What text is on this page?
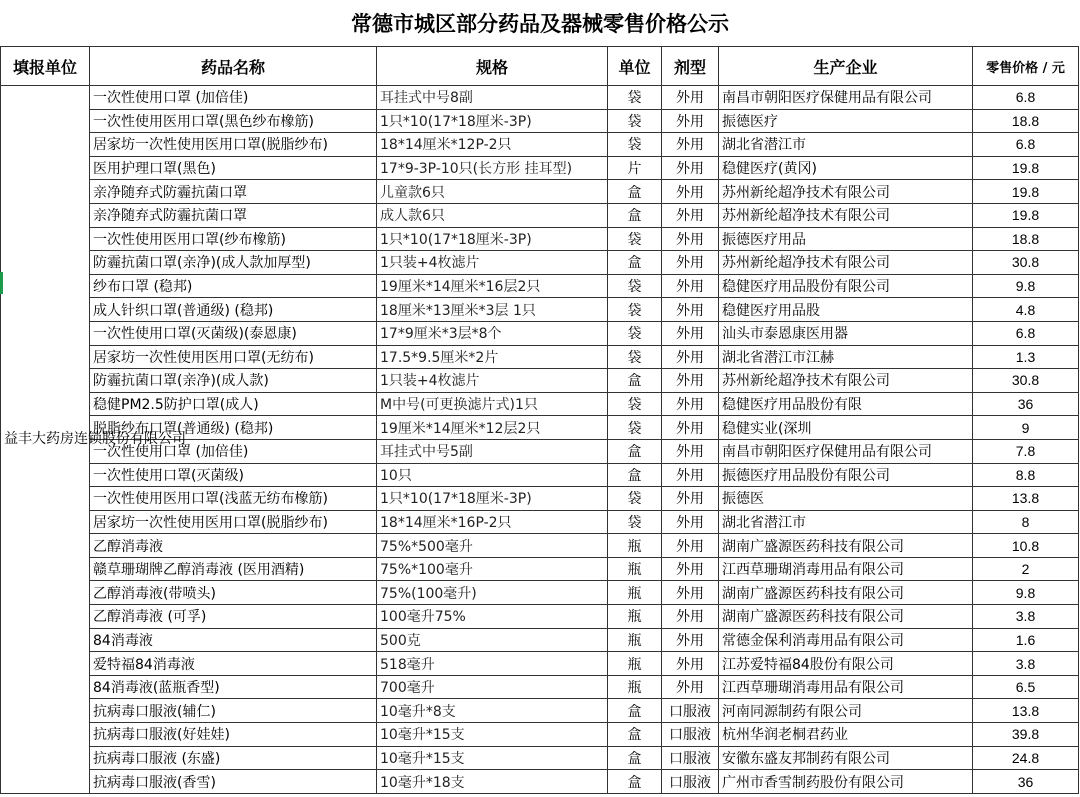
常德市城区部分药品及器械零售价格公示
填报单位	药品名称	规格	单位	剂型	生产企业	零售价格 / 元
益丰大药房连锁股份有限公司	一次性使用口罩 (加倍佳)	耳挂式中号8副	袋	外用	南昌市朝阳医疗保健用品有限公司	6.8
	一次性使用医用口罩(黑色纱布橡筋)	1只*10(17*18厘米-3P)	袋	外用	振德医疗	18.8
	居家坊一次性使用医用口罩(脱脂纱布)	18*14厘米*12P-2只	袋	外用	湖北省潜江市	6.8
	医用护理口罩(黑色)	17*9-3P-10只(长方形 挂耳型)	片	外用	稳健医疗(黄冈)	19.8
	亲净随弃式防霾抗菌口罩	儿童款6只	盒	外用	苏州新纶超净技术有限公司	19.8
	亲净随弃式防霾抗菌口罩	成人款6只	盒	外用	苏州新纶超净技术有限公司	19.8
	一次性使用医用口罩(纱布橡筋)	1只*10(17*18厘米-3P)	袋	外用	振德医疗用品	18.8
	防霾抗菌口罩(亲净)(成人款加厚型)	1只装+4枚滤片	盒	外用	苏州新纶超净技术有限公司	30.8
	纱布口罩 (稳邦)	19厘米*14厘米*16层2只	袋	外用	稳健医疗用品股份有限公司	9.8
	成人针织口罩(普通级) (稳邦)	18厘米*13厘米*3层 1只	袋	外用	稳健医疗用品股	4.8
	一次性使用口罩(灭菌级)(泰恩康)	17*9厘米*3层*8个	袋	外用	汕头市泰恩康医用器	6.8
	居家坊一次性使用医用口罩(无纺布)	17.5*9.5厘米*2片	袋	外用	湖北省潜江市江赫	1.3
	防霾抗菌口罩(亲净)(成人款)	1只装+4枚滤片	盒	外用	苏州新纶超净技术有限公司	30.8
	稳健PM2.5防护口罩(成人)	M中号(可更换滤片式)1只	袋	外用	稳健医疗用品股份有限	36
	脱脂纱布口罩(普通级) (稳邦)	19厘米*14厘米*12层2只	袋	外用	稳健实业(深圳	9
	一次性使用口罩 (加倍佳)	耳挂式中号5副	盒	外用	南昌市朝阳医疗保健用品有限公司	7.8
	一次性使用口罩(灭菌级)	10只	盒	外用	振德医疗用品股份有限公司	8.8
	一次性使用医用口罩(浅蓝无纺布橡筋)	1只*10(17*18厘米-3P)	袋	外用	振德医	13.8
	居家坊一次性使用医用口罩(脱脂纱布)	18*14厘米*16P-2只	袋	外用	湖北省潜江市	8
	乙醇消毒液	75%*500毫升	瓶	外用	湖南广盛源医药科技有限公司	10.8
	赣草珊瑚牌乙醇消毒液 (医用酒精)	75%*100毫升	瓶	外用	江西草珊瑚消毒用品有限公司	2
	乙醇消毒液(带喷头)	75%(100毫升)	瓶	外用	湖南广盛源医药科技有限公司	9.8
	乙醇消毒液 (可孚)	100毫升75%	瓶	外用	湖南广盛源医药科技有限公司	3.8
	84消毒液	500克	瓶	外用	常德金保利消毒用品有限公司	1.6
	爱特福84消毒液	518毫升	瓶	外用	江苏爱特福84股份有限公司	3.8
	84消毒液(蓝瓶香型)	700毫升	瓶	外用	江西草珊瑚消毒用品有限公司	6.5
	抗病毒口服液(辅仁)	10毫升*8支	盒	口服液	河南同源制药有限公司	13.8
	抗病毒口服液(好娃娃)	10毫升*15支	盒	口服液	杭州华润老桐君药业	39.8
	抗病毒口服液 (东盛)	10毫升*15支	盒	口服液	安徽东盛友邦制药有限公司	24.8
	抗病毒口服液(香雪)	10毫升*18支	盒	口服液	广州市香雪制药股份有限公司	36
